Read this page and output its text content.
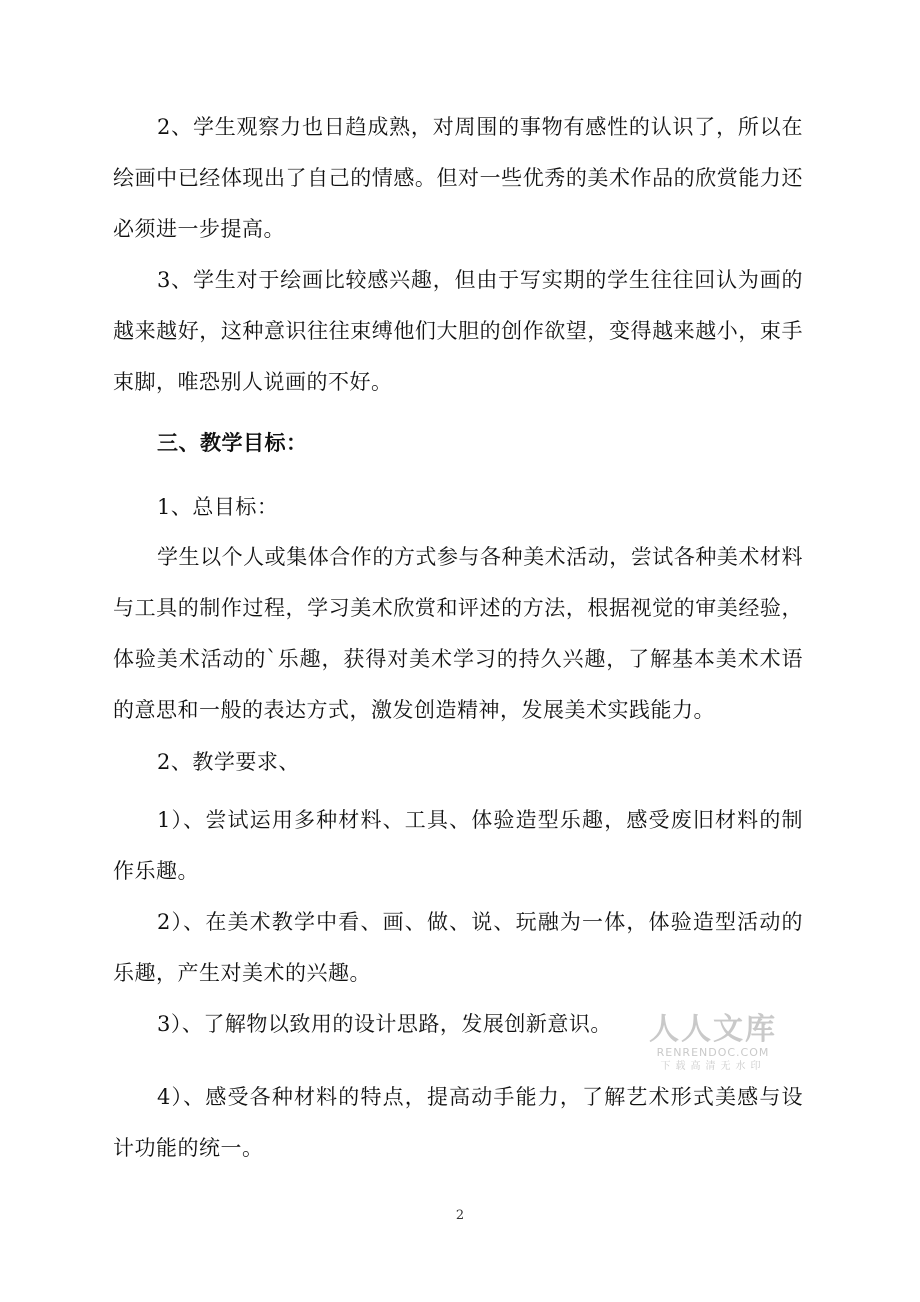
2、学生观察力也日趋成熟，对周围的事物有感性的认识了，所以在绘画中已经体现出了自己的情感。但对一些优秀的美术作品的欣赏能力还必须进一步提高。

3、学生对于绘画比较感兴趣，但由于写实期的学生往往回认为画的越来越好，这种意识往往束缚他们大胆的创作欲望，变得越来越小，束手束脚，唯恐别人说画的不好。

三、教学目标：

1、总目标：

学生以个人或集体合作的方式参与各种美术活动，尝试各种美术材料与工具的制作过程，学习美术欣赏和评述的方法，根据视觉的审美经验，体验美术活动的`乐趣，获得对美术学习的持久兴趣，了解基本美术术语的意思和一般的表达方式，激发创造精神，发展美术实践能力。

2、教学要求、

1）、尝试运用多种材料、工具、体验造型乐趣，感受废旧材料的制作乐趣。

2）、在美术教学中看、画、做、说、玩融为一体，体验造型活动的乐趣，产生对美术的兴趣。

3）、了解物以致用的设计思路，发展创新意识。

4）、感受各种材料的特点，提高动手能力，了解艺术形式美感与设计功能的统一。

人人文库
RENRENDOC.COM
下载高清无水印
2
